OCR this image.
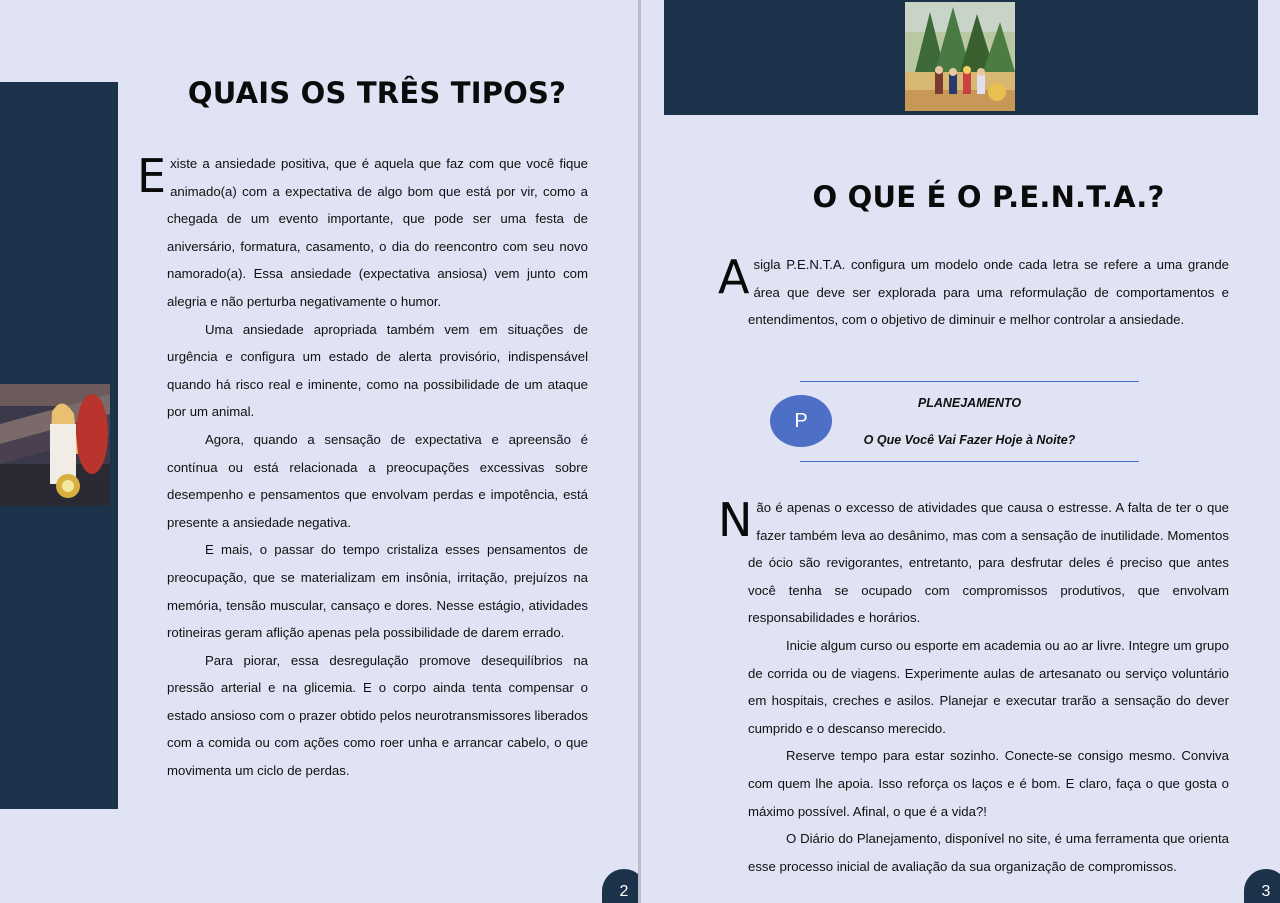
QUAIS OS TRÊS TIPOS?

Existe a ansiedade positiva, que é aquela que faz com que você fique animado(a) com a expectativa de algo bom que está por vir, como a chegada de um evento importante, que pode ser uma festa de aniversário, formatura, casamento, o dia do reencontro com seu novo namorado(a). Essa ansiedade (expectativa ansiosa) vem junto com alegria e não perturba negativamente o humor.

Uma ansiedade apropriada também vem em situações de urgência e configura um estado de alerta provisório, indispensável quando há risco real e iminente, como na possibilidade de um ataque por um animal.

Agora, quando a sensação de expectativa e apreensão é contínua ou está relacionada a preocupações excessivas sobre desempenho e pensamentos que envolvam perdas e impotência, está presente a ansiedade negativa.

E mais, o passar do tempo cristaliza esses pensamentos de preocupação, que se materializam em insônia, irritação, prejuízos na memória, tensão muscular, cansaço e dores. Nesse estágio, atividades rotineiras geram aflição apenas pela possibilidade de darem errado.

Para piorar, essa desregulação promove desequilíbrios na pressão arterial e na glicemia. E o corpo ainda tenta compensar o estado ansioso com o prazer obtido pelos neurotransmissores liberados com a comida ou com ações como roer unha e arrancar cabelo, o que movimenta um ciclo de perdas.

2
O QUE É O P.E.N.T.A.?

A sigla P.E.N.T.A. configura um modelo onde cada letra se refere a uma grande área que deve ser explorada para uma reformulação de comportamentos e entendimentos, com o objetivo de diminuir e melhor controlar a ansiedade.

P
PLANEJAMENTO
O Que Você Vai Fazer Hoje à Noite?

Não é apenas o excesso de atividades que causa o estresse. A falta de ter o que fazer também leva ao desânimo, mas com a sensação de inutilidade. Momentos de ócio são revigorantes, entretanto, para desfrutar deles é preciso que antes você tenha se ocupado com compromissos produtivos, que envolvam responsabilidades e horários.

Inicie algum curso ou esporte em academia ou ao ar livre. Integre um grupo de corrida ou de viagens. Experimente aulas de artesanato ou serviço voluntário em hospitais, creches e asilos. Planejar e executar trarão a sensação do dever cumprido e o descanso merecido.

Reserve tempo para estar sozinho. Conecte-se consigo mesmo. Conviva com quem lhe apoia. Isso reforça os laços e é bom. E claro, faça o que gosta o máximo possível. Afinal, o que é a vida?!

O Diário do Planejamento, disponível no site, é uma ferramenta que orienta esse processo inicial de avaliação da sua organização de compromissos.

3
